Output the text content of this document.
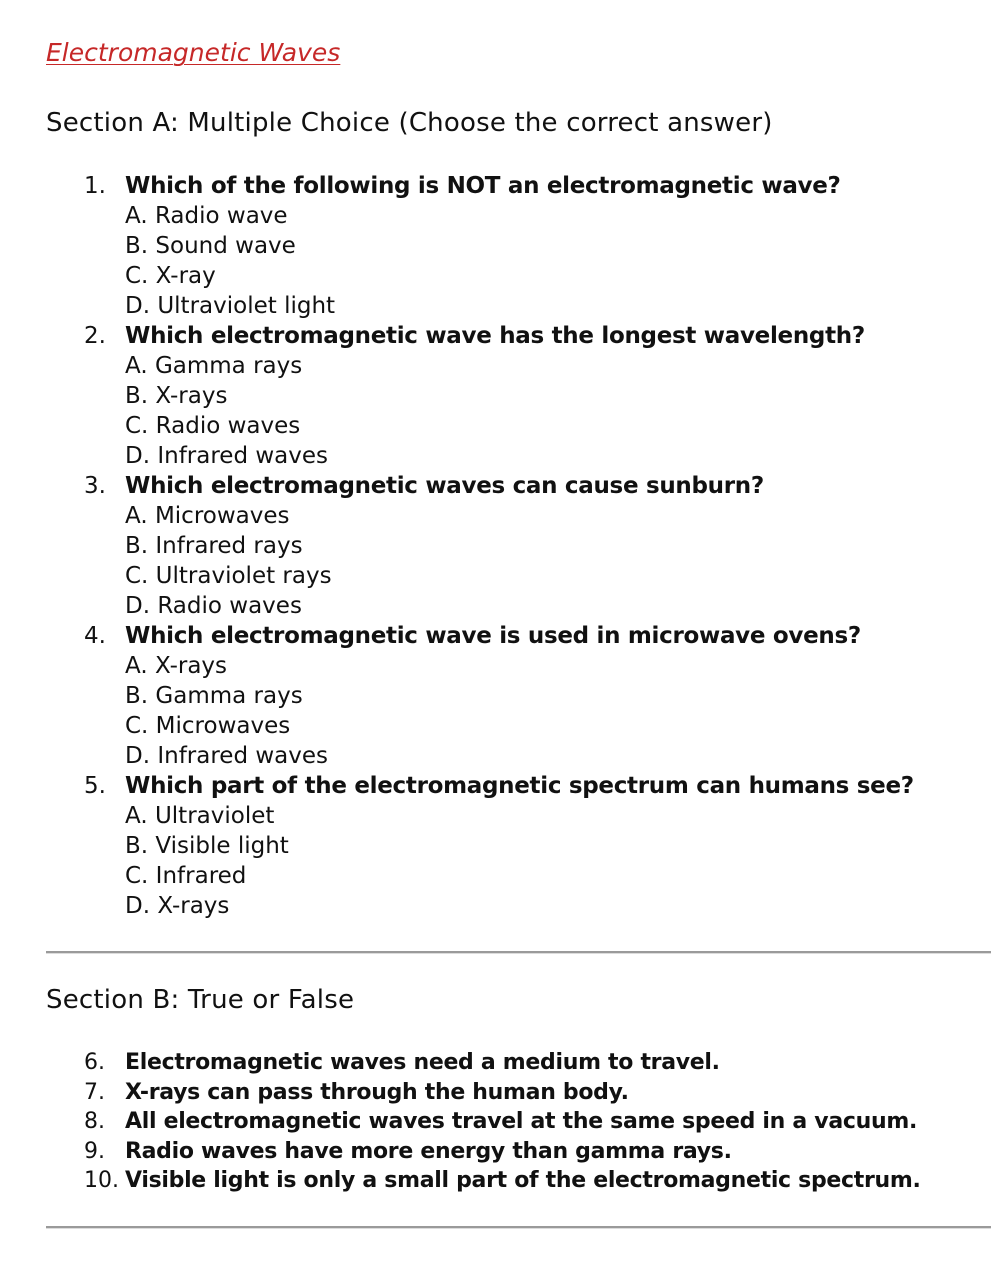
Electromagnetic Waves
Section A: Multiple Choice (Choose the correct answer)
1. Which of the following is NOT an electromagnetic wave?
A. Radio wave
B. Sound wave
C. X-ray
D. Ultraviolet light
2. Which electromagnetic wave has the longest wavelength?
A. Gamma rays
B. X-rays
C. Radio waves
D. Infrared waves
3. Which electromagnetic waves can cause sunburn?
A. Microwaves
B. Infrared rays
C. Ultraviolet rays
D. Radio waves
4. Which electromagnetic wave is used in microwave ovens?
A. X-rays
B. Gamma rays
C. Microwaves
D. Infrared waves
5. Which part of the electromagnetic spectrum can humans see?
A. Ultraviolet
B. Visible light
C. Infrared
D. X-rays
Section B: True or False
6. Electromagnetic waves need a medium to travel.
7. X-rays can pass through the human body.
8. All electromagnetic waves travel at the same speed in a vacuum.
9. Radio waves have more energy than gamma rays.
10. Visible light is only a small part of the electromagnetic spectrum.
